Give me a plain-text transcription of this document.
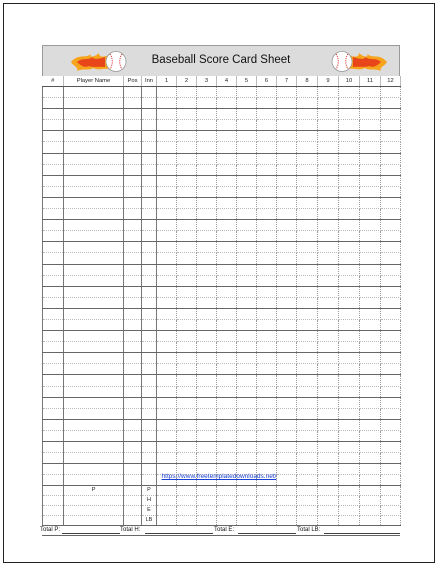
Baseball Score Card Sheet
#	Player Name	Pos	Inn	1	2	3	4	5	6	7	8	9	10	11	12

	P		P												
			H												
			E												
			LB												
Total P:	Total H:	Total E:	Total LB:
https://www.freetemplatedownloads.net/
